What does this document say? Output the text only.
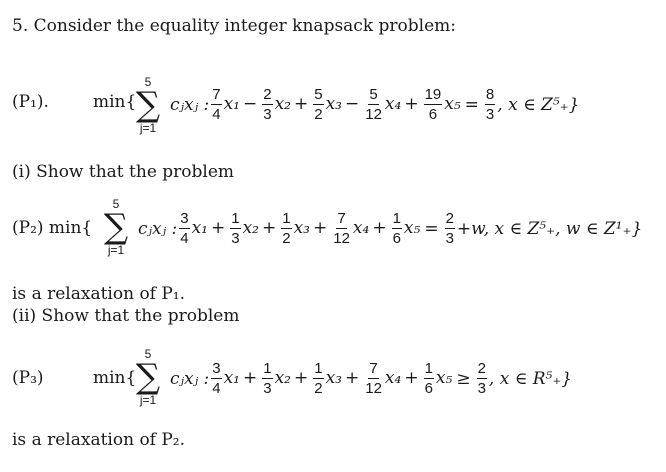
5. Consider the equality integer knapsack problem:
(P₁).	min{
5
∑
j=1
cⱼxⱼ : $\frac{7}{4} x_1 - \frac{2}{3} x_2 + \frac{5}{2} x_3 - \frac{5}{12} x_4 + \frac{19}{6} x_5 = \frac{8}{3}$ , x ∈ Z⁵₊}
(i) Show that the problem
(P₂) min{
5
∑
j=1
cⱼxⱼ : $\frac{3}{4} x_1 + \frac{1}{3} x_2 + \frac{1}{2} x_3 + \frac{7}{12} x_4 + \frac{1}{6} x_5 = \frac{2}{3} +w$, x ∈ Z⁵₊, w ∈ Z¹₊}
is a relaxation of P₁.
(ii) Show that the problem
(P₃)	min{
5
∑
j=1
cⱼxⱼ : $\frac{3}{4} x_1 + \frac{1}{3} x_2 + \frac{1}{2} x_3 + \frac{7}{12} x_4 + \frac{1}{6} x_5 \ge \frac{2}{3}$ , x ∈ R⁵₊}
is a relaxation of P₂.
